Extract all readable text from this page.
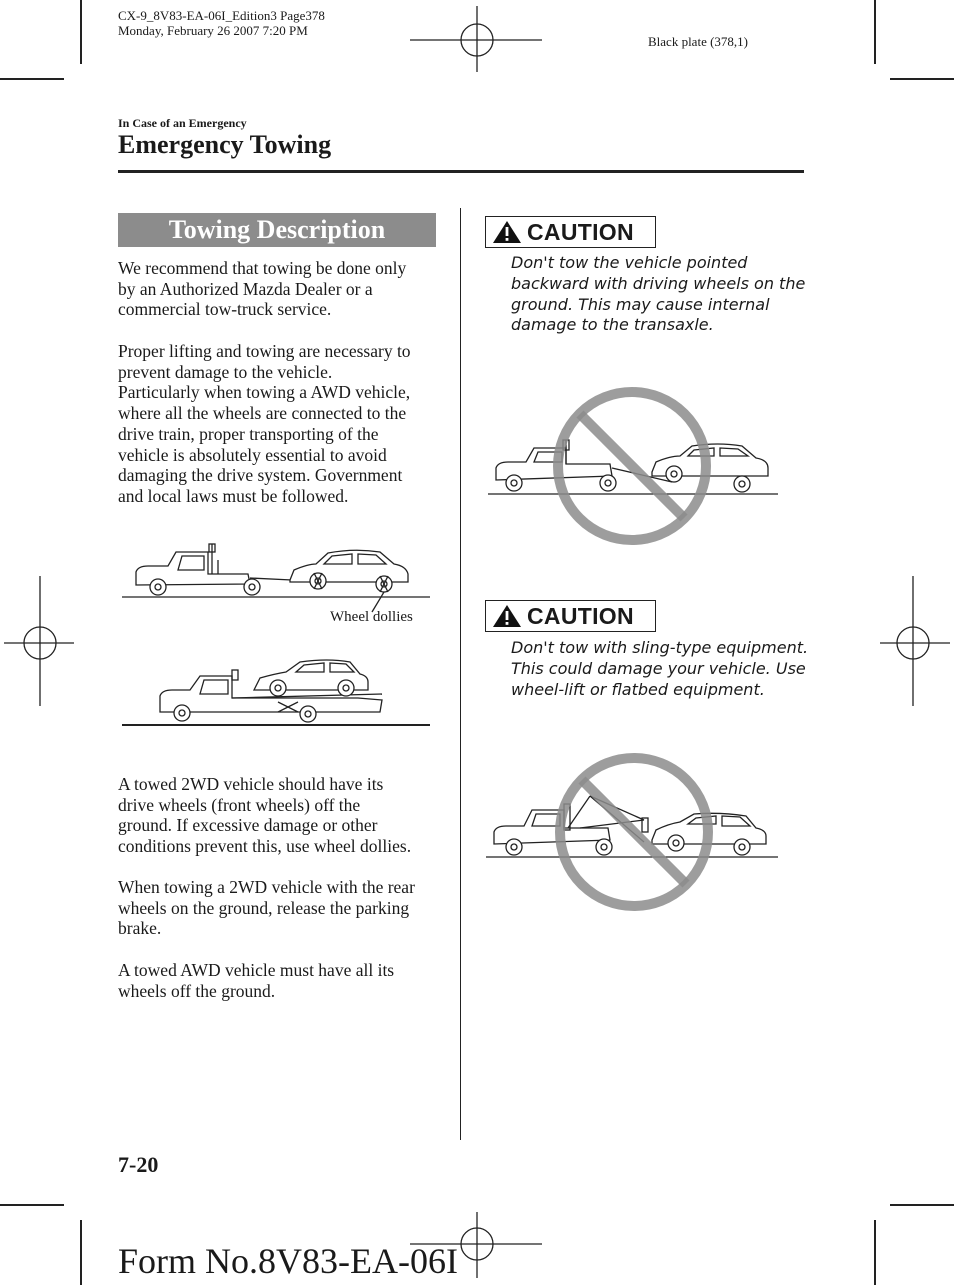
CX-9_8V83-EA-06I_Edition3 Page378
Monday, February 26 2007 7:20 PM
Black plate (378,1)
In Case of an Emergency
Emergency Towing
Towing Description
We recommend that towing be done only
by an Authorized Mazda Dealer or a
commercial tow-truck service.
Proper lifting and towing are necessary to
prevent damage to the vehicle.
Particularly when towing a AWD vehicle,
where all the wheels are connected to the
drive train, proper transporting of the
vehicle is absolutely essential to avoid
damaging the drive system. Government
and local laws must be followed.
Wheel dollies
A towed 2WD vehicle should have its
drive wheels (front wheels) off the
ground. If excessive damage or other
conditions prevent this, use wheel dollies.
When towing a 2WD vehicle with the rear
wheels on the ground, release the parking
brake.
A towed AWD vehicle must have all its
wheels off the ground.
CAUTION
Don't tow the vehicle pointed
backward with driving wheels on the
ground. This may cause internal
damage to the transaxle.
CAUTION
Don't tow with sling-type equipment.
This could damage your vehicle. Use
wheel-lift or flatbed equipment.
7-20
Form No.8V83-EA-06I
